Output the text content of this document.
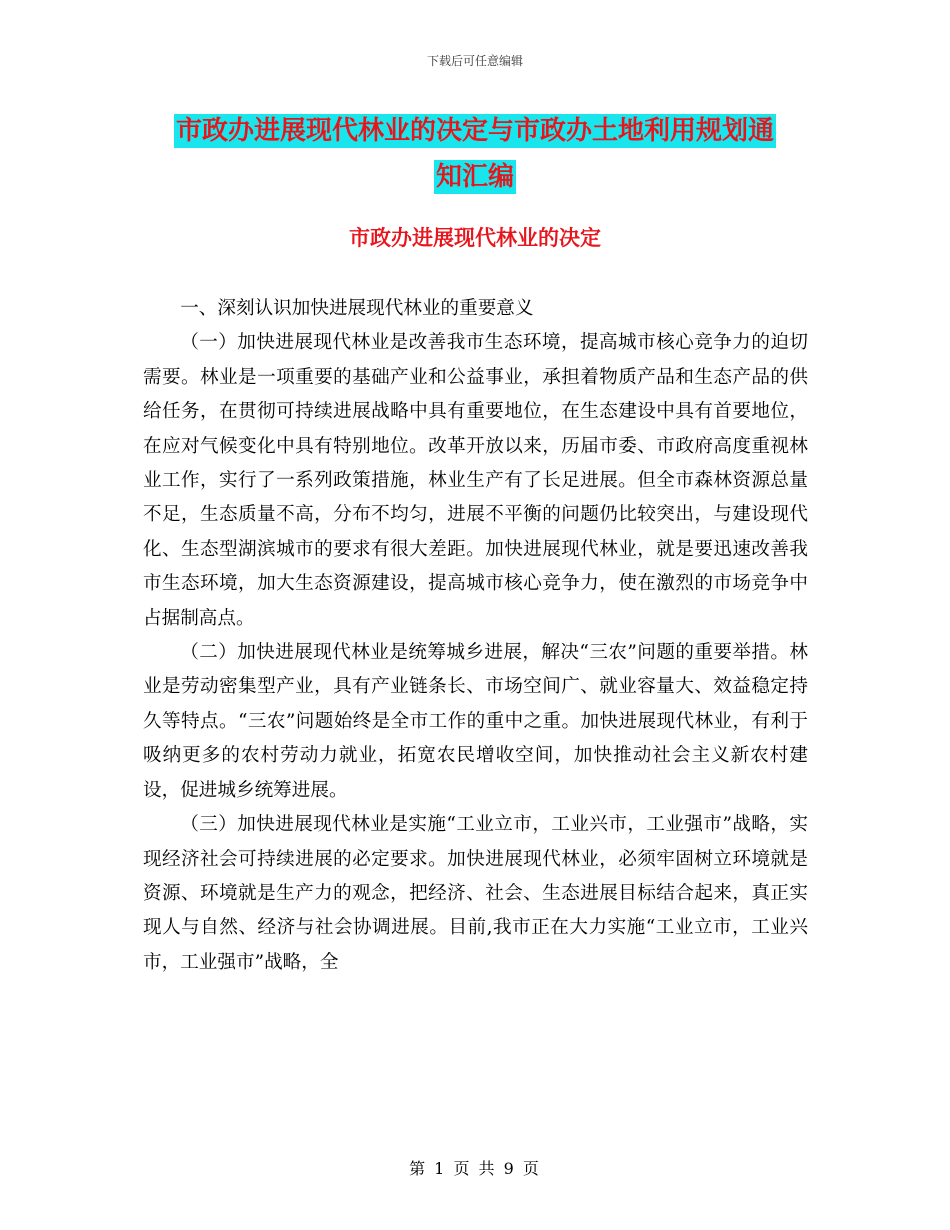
下载后可任意编辑
市政办进展现代林业的决定与市政办土地利用规划通
知汇编
市政办进展现代林业的决定

一、深刻认识加快进展现代林业的重要意义

（一）加快进展现代林业是改善我市生态环境，提高城市核心竞争力的迫切需要。林业是一项重要的基础产业和公益事业，承担着物质产品和生态产品的供给任务，在贯彻可持续进展战略中具有重要地位，在生态建设中具有首要地位，在应对气候变化中具有特别地位。改革开放以来，历届市委、市政府高度重视林业工作，实行了一系列政策措施，林业生产有了长足进展。但全市森林资源总量不足，生态质量不高，分布不均匀，进展不平衡的问题仍比较突出，与建设现代化、生态型湖滨城市的要求有很大差距。加快进展现代林业，就是要迅速改善我市生态环境，加大生态资源建设，提高城市核心竞争力，使在激烈的市场竞争中占据制高点。

（二）加快进展现代林业是统筹城乡进展，解决“三农”问题的重要举措。林业是劳动密集型产业，具有产业链条长、市场空间广、就业容量大、效益稳定持久等特点。“三农”问题始终是全市工作的重中之重。加快进展现代林业，有利于吸纳更多的农村劳动力就业，拓宽农民增收空间，加快推动社会主义新农村建设，促进城乡统筹进展。

（三）加快进展现代林业是实施“工业立市，工业兴市，工业强市”战略，实现经济社会可持续进展的必定要求。加快进展现代林业，必须牢固树立环境就是资源、环境就是生产力的观念，把经济、社会、生态进展目标结合起来，真正实现人与自然、经济与社会协调进展。目前,我市正在大力实施“工业立市，工业兴市，工业强市”战略，全

第 1 页 共 9 页
